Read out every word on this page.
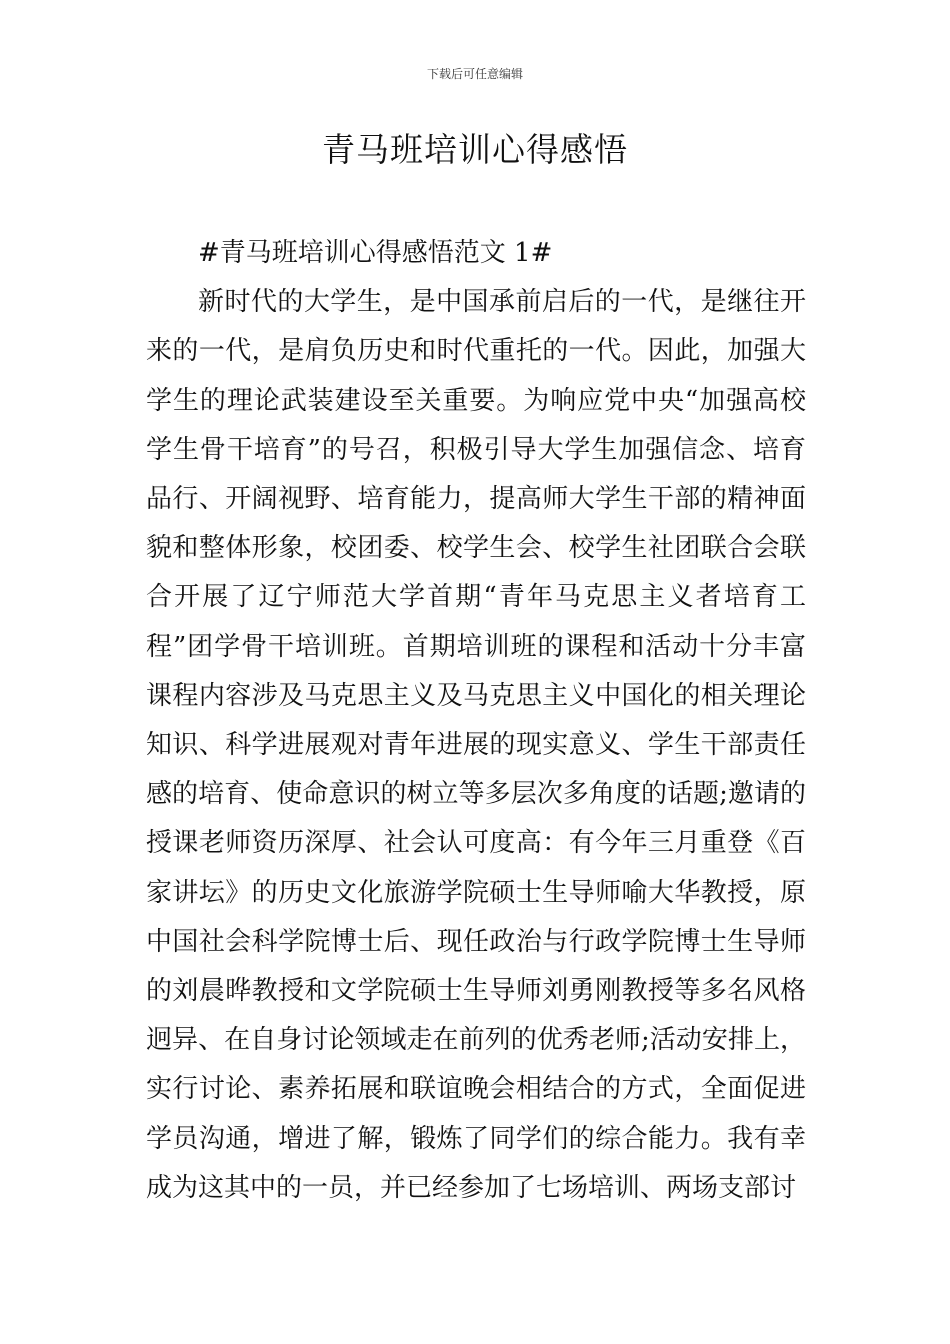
下载后可任意编辑
青马班培训心得感悟

#青马班培训心得感悟范文 1#

新时代的大学生，是中国承前启后的一代，是继往开来的一代，是肩负历史和时代重托的一代。因此，加强大学生的理论武装建设至关重要。为响应党中央“加强高校学生骨干培育”的号召，积极引导大学生加强信念、培育品行、开阔视野、培育能力，提高师大学生干部的精神面貌和整体形象，校团委、校学生会、校学生社团联合会联合开展了辽宁师范大学首期“青年马克思主义者培育工程”团学骨干培训班。首期培训班的课程和活动十分丰富课程内容涉及马克思主义及马克思主义中国化的相关理论知识、科学进展观对青年进展的现实意义、学生干部责任感的培育、使命意识的树立等多层次多角度的话题;邀请的授课老师资历深厚、社会认可度高：有今年三月重登《百家讲坛》的历史文化旅游学院硕士生导师喻大华教授，原中国社会科学院博士后、现任政治与行政学院博士生导师的刘晨晔教授和文学院硕士生导师刘勇刚教授等多名风格迥异、在自身讨论领域走在前列的优秀老师;活动安排上，实行讨论、素养拓展和联谊晚会相结合的方式，全面促进学员沟通，增进了解，锻炼了同学们的综合能力。我有幸成为这其中的一员，并已经参加了七场培训、两场支部讨
